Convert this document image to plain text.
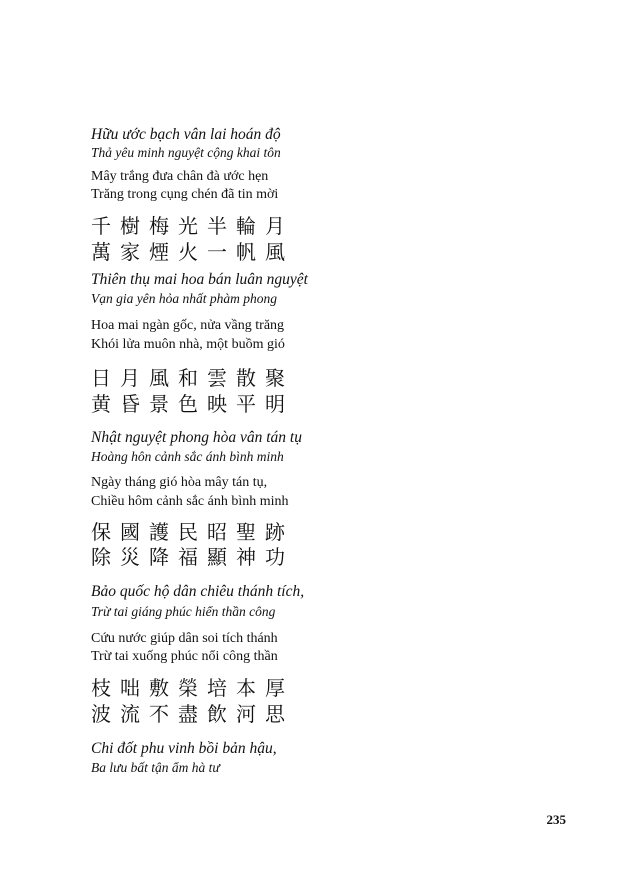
Hữu ước bạch vân lai hoán độ
Thả yêu minh nguyệt cộng khai tôn
Mây trắng đưa chân đà ước hẹn
Trăng trong cụng chén đã tin mời
千樹梅光半輪月
萬家煙火一帆風
Thiên thụ mai hoa bán luân nguyệt
Vạn gia yên hỏa nhất phàm phong
Hoa mai ngàn gốc, nửa vầng trăng
Khói lửa muôn nhà, một buồm gió
日月風和雲散聚
黄昏景色映平明
Nhật nguyệt phong hòa vân tán tụ
Hoàng hôn cảnh sắc ánh bình minh
Ngày tháng gió hòa mây tán tụ,
Chiều hôm cảnh sắc ánh bình minh
保國護民昭聖跡
除災降福顯神功
Bảo quốc hộ dân chiêu thánh tích,
Trừ tai giáng phúc hiển thần công
Cứu nước giúp dân soi tích thánh
Trừ tai xuống phúc nổi công thần
枝咄敷榮培本厚
波流不盡飲河思
Chi đốt phu vinh bồi bản hậu,
Ba lưu bất tận ẩm hà tư
235
